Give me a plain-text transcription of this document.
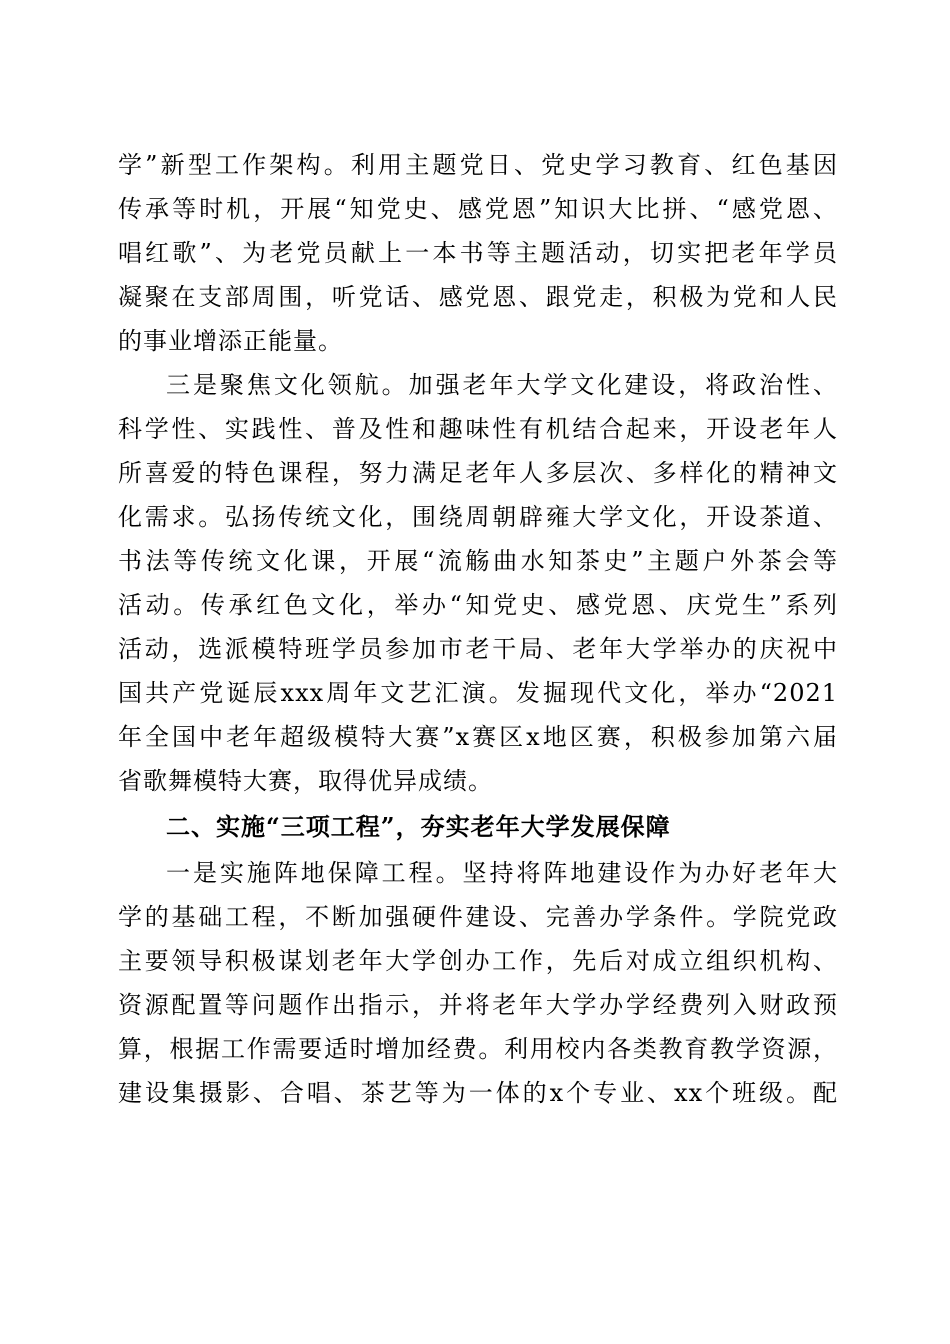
学”新型工作架构。利用主题党日、党史学习教育、红色基因

传承等时机，开展“知党史、感党恩”知识大比拼、“感党恩、

唱红歌”、为老党员献上一本书等主题活动，切实把老年学员

凝聚在支部周围，听党话、感党恩、跟党走，积极为党和人民

的事业增添正能量。

三是聚焦文化领航。加强老年大学文化建设，将政治性、

科学性、实践性、普及性和趣味性有机结合起来，开设老年人

所喜爱的特色课程，努力满足老年人多层次、多样化的精神文

化需求。弘扬传统文化，围绕周朝辟雍大学文化，开设茶道、

书法等传统文化课，开展“流觞曲水知茶史”主题户外茶会等

活动。传承红色文化，举办“知党史、感党恩、庆党生”系列

活动，选派模特班学员参加市老干局、老年大学举办的庆祝中

国共产党诞辰xxx周年文艺汇演。发掘现代文化，举办“2021

年全国中老年超级模特大赛”x赛区x地区赛，积极参加第六届

省歌舞模特大赛，取得优异成绩。

二、实施“三项工程”，夯实老年大学发展保障

一是实施阵地保障工程。坚持将阵地建设作为办好老年大

学的基础工程，不断加强硬件建设、完善办学条件。学院党政

主要领导积极谋划老年大学创办工作，先后对成立组织机构、

资源配置等问题作出指示，并将老年大学办学经费列入财政预

算，根据工作需要适时增加经费。利用校内各类教育教学资源，

建设集摄影、合唱、茶艺等为一体的x个专业、xx个班级。配
